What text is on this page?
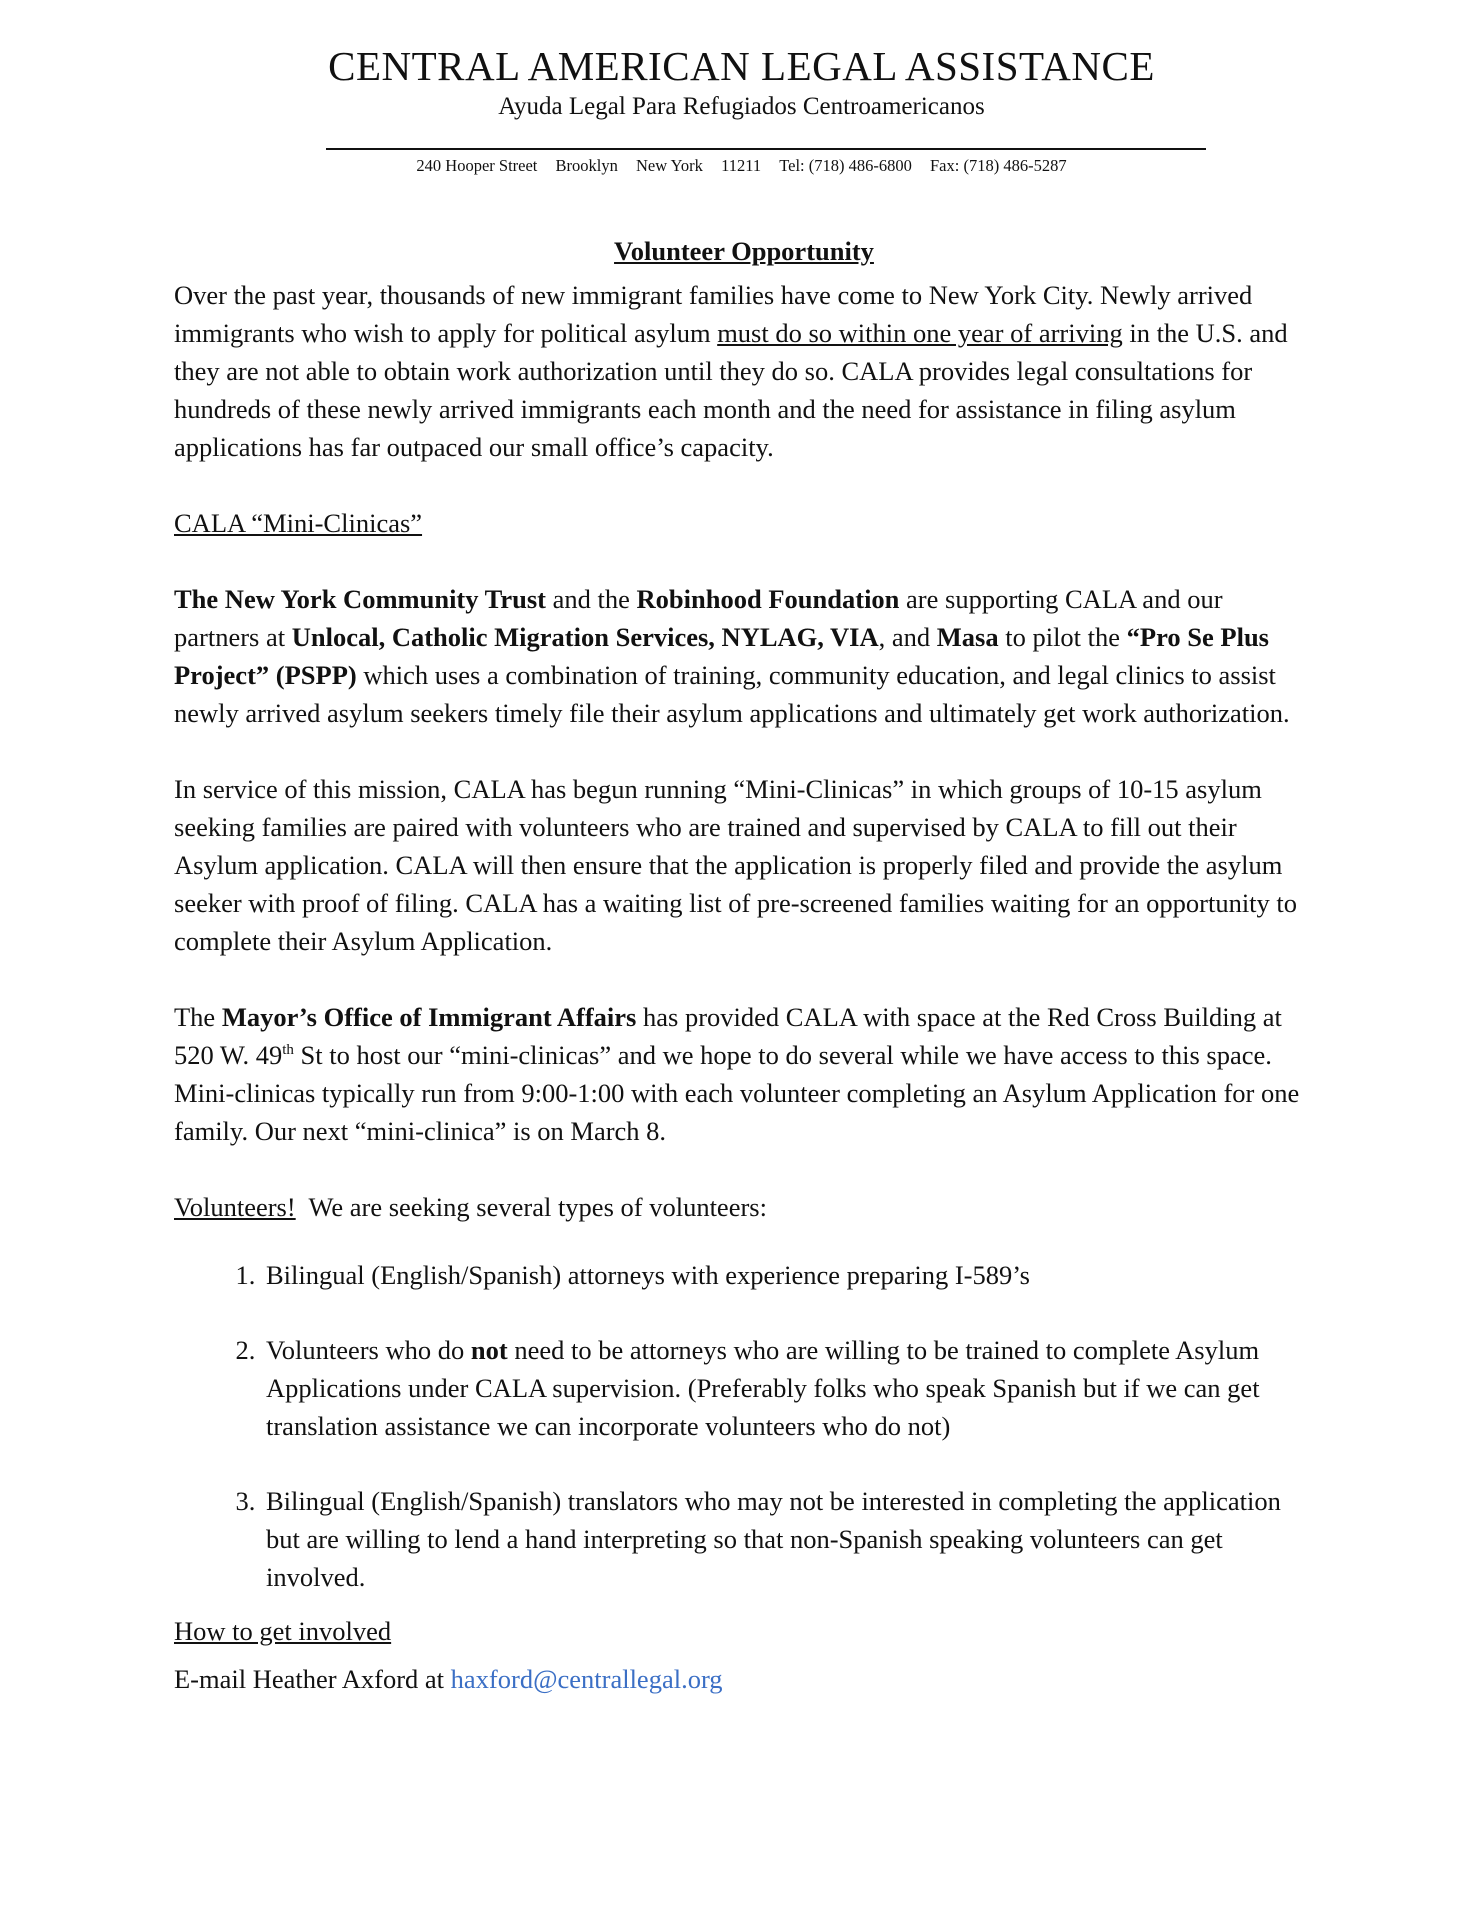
CENTRAL AMERICAN LEGAL ASSISTANCE
Ayuda Legal Para Refugiados Centroamericanos
240 Hooper Street Brooklyn New York 11211 Tel: (718) 486-6800 Fax: (718) 486-5287
Volunteer Opportunity

Over the past year, thousands of new immigrant families have come to New York City. Newly arrived immigrants who wish to apply for political asylum must do so within one year of arriving in the U.S. and they are not able to obtain work authorization until they do so. CALA provides legal consultations for hundreds of these newly arrived immigrants each month and the need for assistance in filing asylum applications has far outpaced our small office’s capacity.

CALA “Mini-Clinicas”

The New York Community Trust and the Robinhood Foundation are supporting CALA and our partners at Unlocal, Catholic Migration Services, NYLAG, VIA, and Masa to pilot the “Pro Se Plus Project” (PSPP) which uses a combination of training, community education, and legal clinics to assist newly arrived asylum seekers timely file their asylum applications and ultimately get work authorization.

In service of this mission, CALA has begun running “Mini-Clinicas” in which groups of 10-15 asylum seeking families are paired with volunteers who are trained and supervised by CALA to fill out their Asylum application. CALA will then ensure that the application is properly filed and provide the asylum seeker with proof of filing. CALA has a waiting list of pre-screened families waiting for an opportunity to complete their Asylum Application.

The Mayor’s Office of Immigrant Affairs has provided CALA with space at the Red Cross Building at 520 W. 49th St to host our “mini-clinicas” and we hope to do several while we have access to this space. Mini-clinicas typically run from 9:00-1:00 with each volunteer completing an Asylum Application for one family. Our next “mini-clinica” is on March 8.

Volunteers!  We are seeking several types of volunteers:

1. Bilingual (English/Spanish) attorneys with experience preparing I-589’s
2. Volunteers who do not need to be attorneys who are willing to be trained to complete Asylum Applications under CALA supervision. (Preferably folks who speak Spanish but if we can get translation assistance we can incorporate volunteers who do not)
3. Bilingual (English/Spanish) translators who may not be interested in completing the application but are willing to lend a hand interpreting so that non-Spanish speaking volunteers can get involved.

How to get involved

E-mail Heather Axford at haxford@centrallegal.org
